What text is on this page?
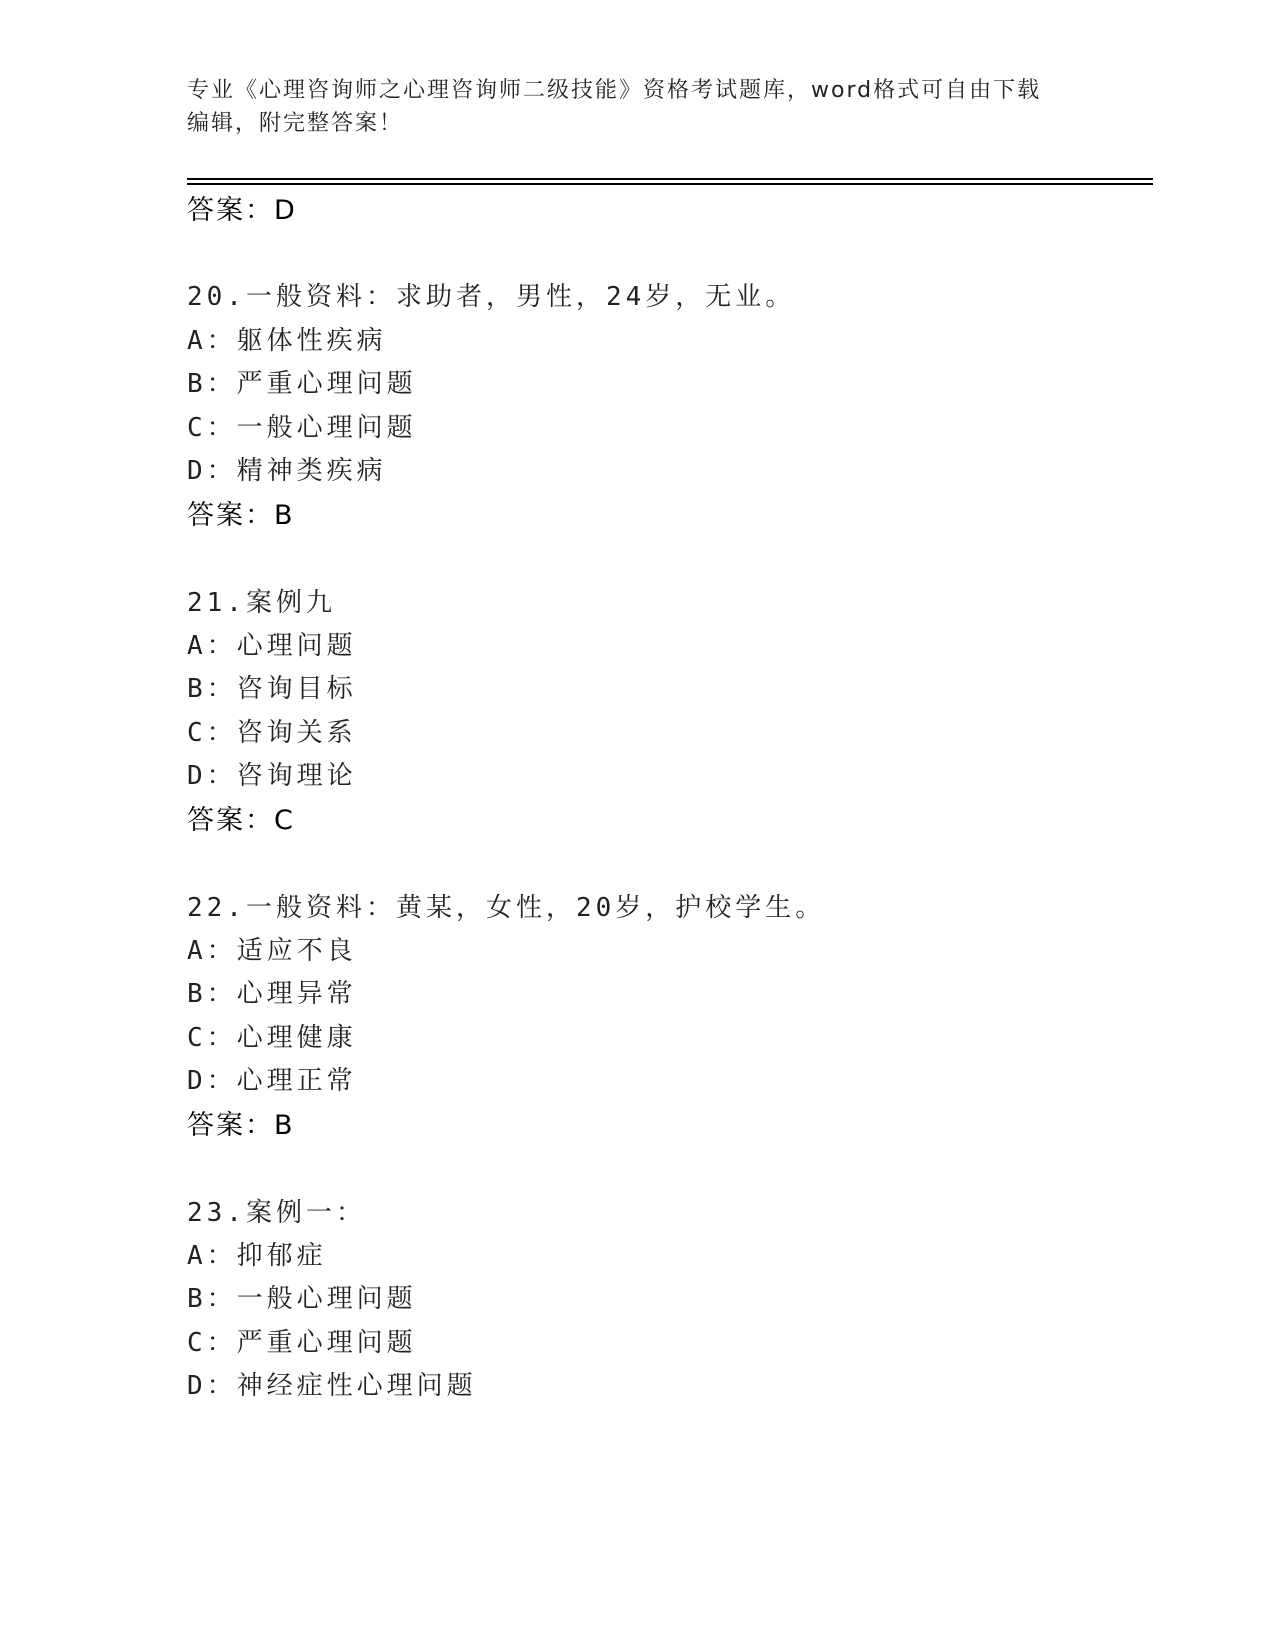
专业《心理咨询师之心理咨询师二级技能》资格考试题库，word格式可自由下载
编辑，附完整答案！
答案：D
20.一般资料：求助者，男性，24岁，无业。
A：躯体性疾病
B：严重心理问题
C：一般心理问题
D：精神类疾病
答案：B
21.案例九
A：心理问题
B：咨询目标
C：咨询关系
D：咨询理论
答案：C
22.一般资料：黄某，女性，20岁，护校学生。
A：适应不良
B：心理异常
C：心理健康
D：心理正常
答案：B
23.案例一：
A：抑郁症
B：一般心理问题
C：严重心理问题
D：神经症性心理问题
